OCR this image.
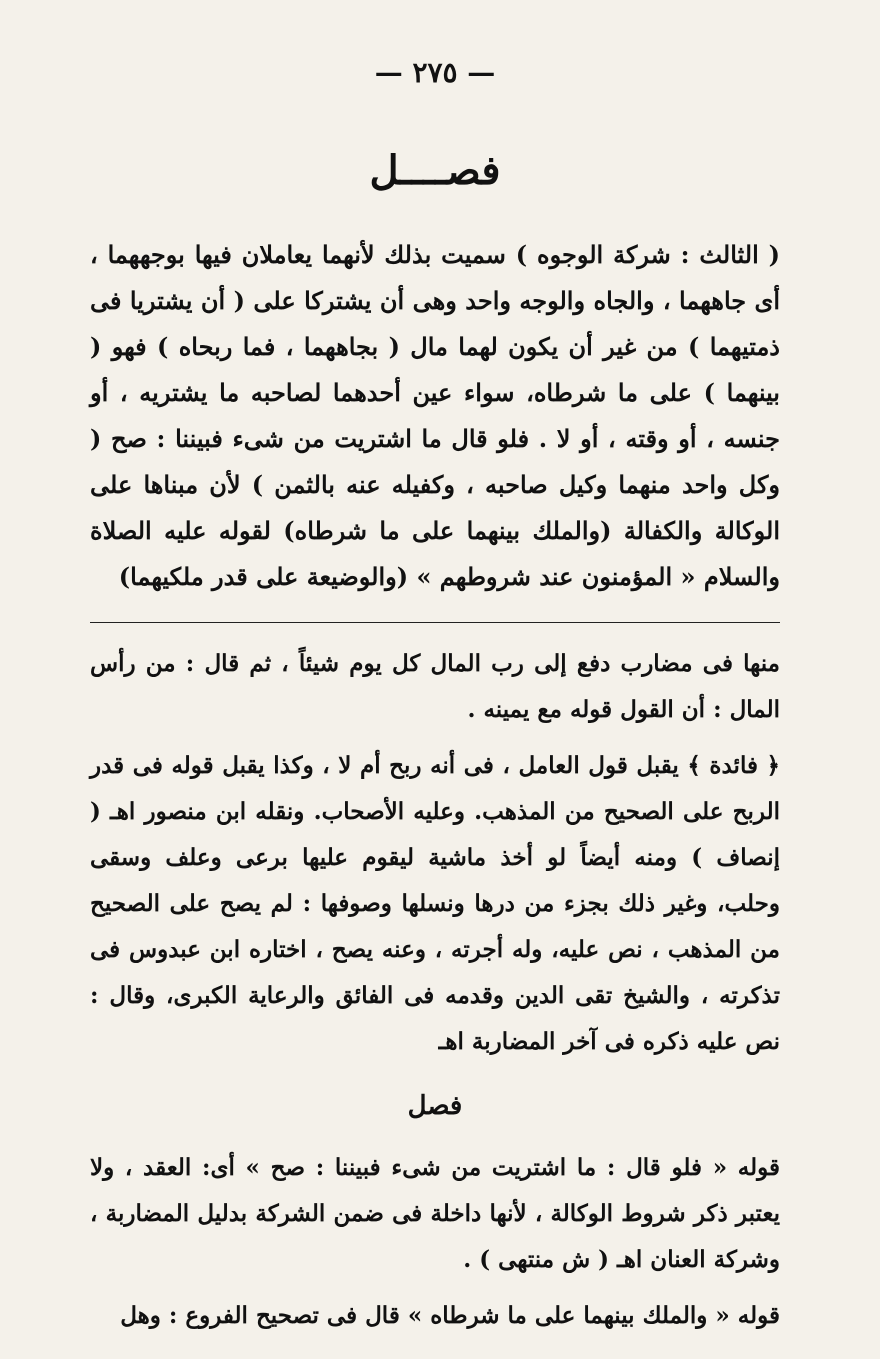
— ٢٧٥ —
فصــــل
( الثالث : شركة الوجوه ) سميت بذلك لأنهما يعاملان فيها بوجههما ، أى جاههما ، والجاه والوجه واحد وهى أن يشتركا على ( أن يشتريا فى ذمتيهما ) من غير أن يكون لهما مال ( بجاههما ، فما ربحاه ) فهو ( بينهما ) على ما شرطاه، سواء عين أحدهما لصاحبه ما يشتريه ، أو جنسه ، أو وقته ، أو لا . فلو قال ما اشتريت من شىء فبيننا : صح ( وكل واحد منهما وكيل صاحبه ، وكفيله عنه بالثمن ) لأن مبناها على الوكالة والكفالة (والملك بينهما على ما شرطاه) لقوله عليه الصلاة والسلام « المؤمنون عند شروطهم » (والوضيعة على قدر ملكيهما)
منها فى مضارب دفع إلى رب المال كل يوم شيئاً ، ثم قال : من رأس المال : أن القول قوله مع يمينه .
﴿ فائدة ﴾ يقبل قول العامل ، فى أنه ربح أم لا ، وكذا يقبل قوله فى قدر الربح على الصحيح من المذهب. وعليه الأصحاب. ونقله ابن منصور اهـ ( إنصاف ) ومنه أيضاً لو أخذ ماشية ليقوم عليها برعى وعلف وسقى وحلب، وغير ذلك بجزء من درها ونسلها وصوفها : لم يصح على الصحيح من المذهب ، نص عليه، وله أجرته ، وعنه يصح ، اختاره ابن عبدوس فى تذكرته ، والشيخ تقى الدين وقدمه فى الفائق والرعاية الكبرى، وقال : نص عليه ذكره فى آخر المضاربة اهـ
فصل
قوله « فلو قال : ما اشتريت من شىء فبيننا : صح » أى: العقد ، ولا يعتبر ذكر شروط الوكالة ، لأنها داخلة فى ضمن الشركة بدليل المضاربة ، وشركة العنان اهـ ( ش منتهى ) .
قوله « والملك بينهما على ما شرطاه » قال فى تصحيح الفروع : وهل
